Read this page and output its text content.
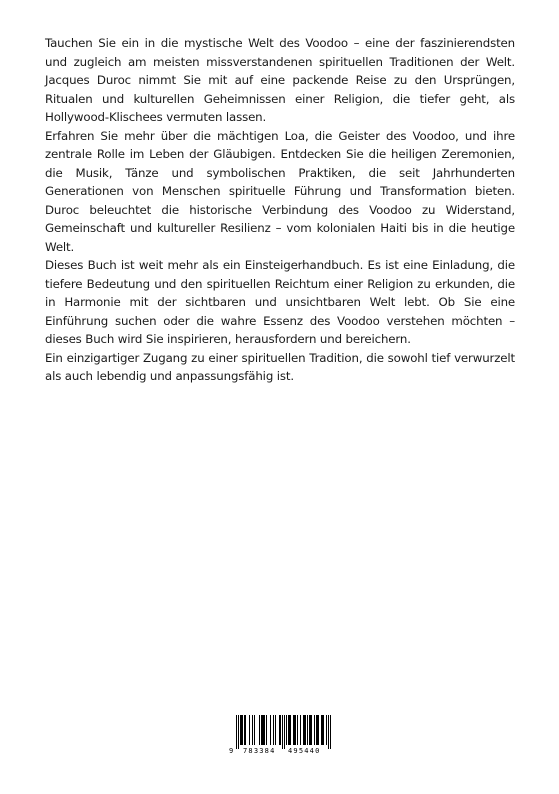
Tauchen Sie ein in die mystische Welt des Voodoo – eine der faszinierendsten und zugleich am meisten missverstandenen spirituellen Traditionen der Welt. Jacques Duroc nimmt Sie mit auf eine packende Reise zu den Ursprüngen, Ritualen und kulturellen Geheimnissen einer Religion, die tiefer geht, als Hollywood-Klischees vermuten lassen.

Erfahren Sie mehr über die mächtigen Loa, die Geister des Voodoo, und ihre zentrale Rolle im Leben der Gläubigen. Entdecken Sie die heiligen Zeremonien, die Musik, Tänze und symbolischen Praktiken, die seit Jahrhunderten Generationen von Menschen spirituelle Führung und Transformation bieten. Duroc beleuchtet die historische Verbindung des Voodoo zu Widerstand, Gemeinschaft und kultureller Resilienz – vom kolonialen Haiti bis in die heutige Welt.

Dieses Buch ist weit mehr als ein Einsteigerhandbuch. Es ist eine Einladung, die tiefere Bedeutung und den spirituellen Reichtum einer Religion zu erkunden, die in Harmonie mit der sichtbaren und unsichtbaren Welt lebt. Ob Sie eine Einführung suchen oder die wahre Essenz des Voodoo verstehen möchten – dieses Buch wird Sie inspirieren, herausfordern und bereichern.

Ein einzigartiger Zugang zu einer spirituellen Tradition, die sowohl tief verwurzelt als auch lebendig und anpassungsfähig ist.

9 783384 495440
